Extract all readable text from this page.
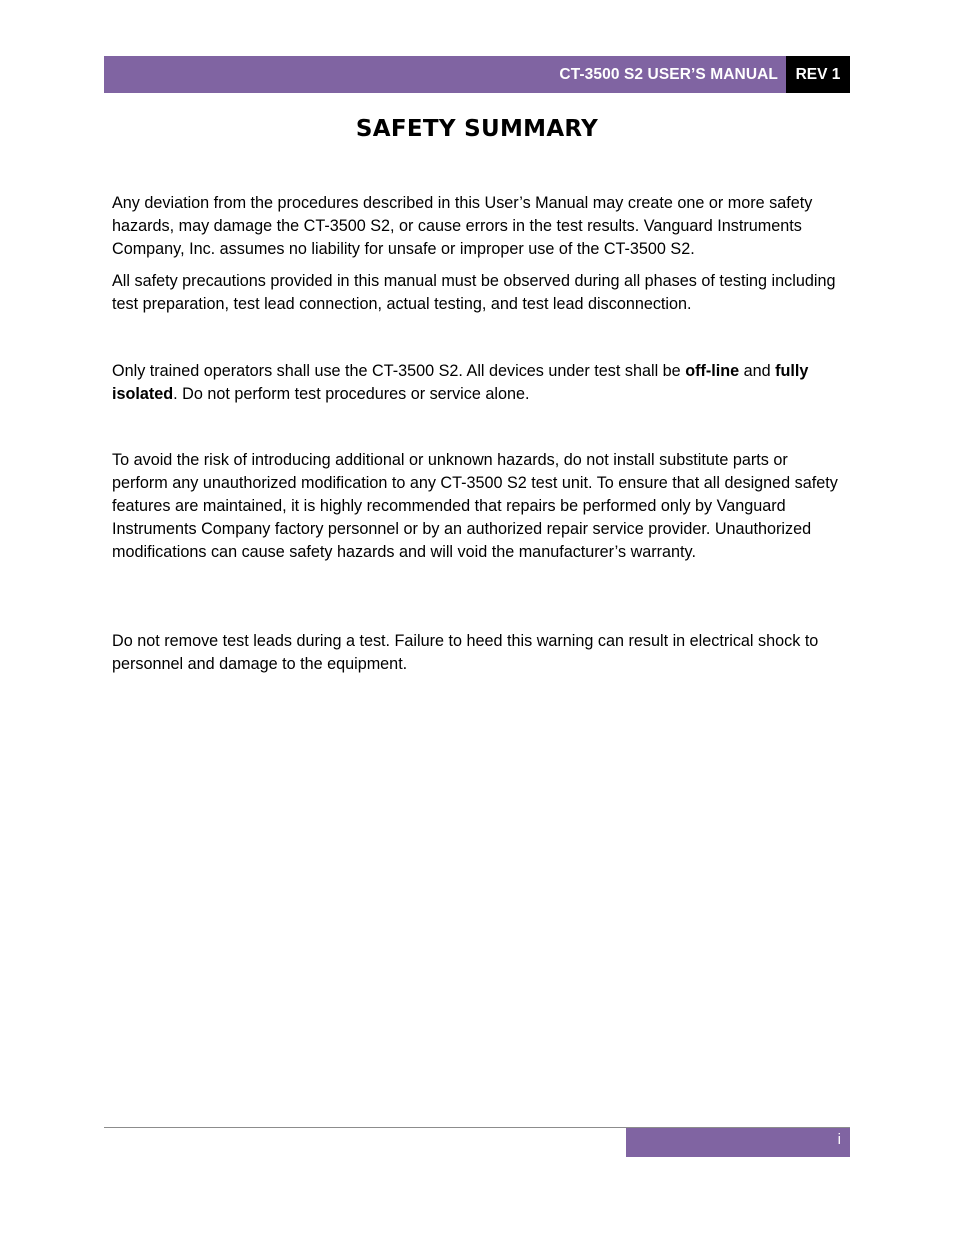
CT-3500 S2 USER’S MANUAL	REV 1
SAFETY SUMMARY

Any deviation from the procedures described in this User’s Manual may create one or more safety hazards, may damage the CT-3500 S2, or cause errors in the test results. Vanguard Instruments Company, Inc. assumes no liability for unsafe or improper use of the CT-3500 S2.

All safety precautions provided in this manual must be observed during all phases of testing including test preparation, test lead connection, actual testing, and test lead disconnection.

Only trained operators shall use the CT-3500 S2. All devices under test shall be off-line and fully isolated. Do not perform test procedures or service alone.

To avoid the risk of introducing additional or unknown hazards, do not install substitute parts or perform any unauthorized modification to any CT-3500 S2 test unit. To ensure that all designed safety features are maintained, it is highly recommended that repairs be performed only by Vanguard Instruments Company factory personnel or by an authorized repair service provider. Unauthorized modifications can cause safety hazards and will void the manufacturer’s warranty.

Do not remove test leads during a test. Failure to heed this warning can result in electrical shock to personnel and damage to the equipment.

i
